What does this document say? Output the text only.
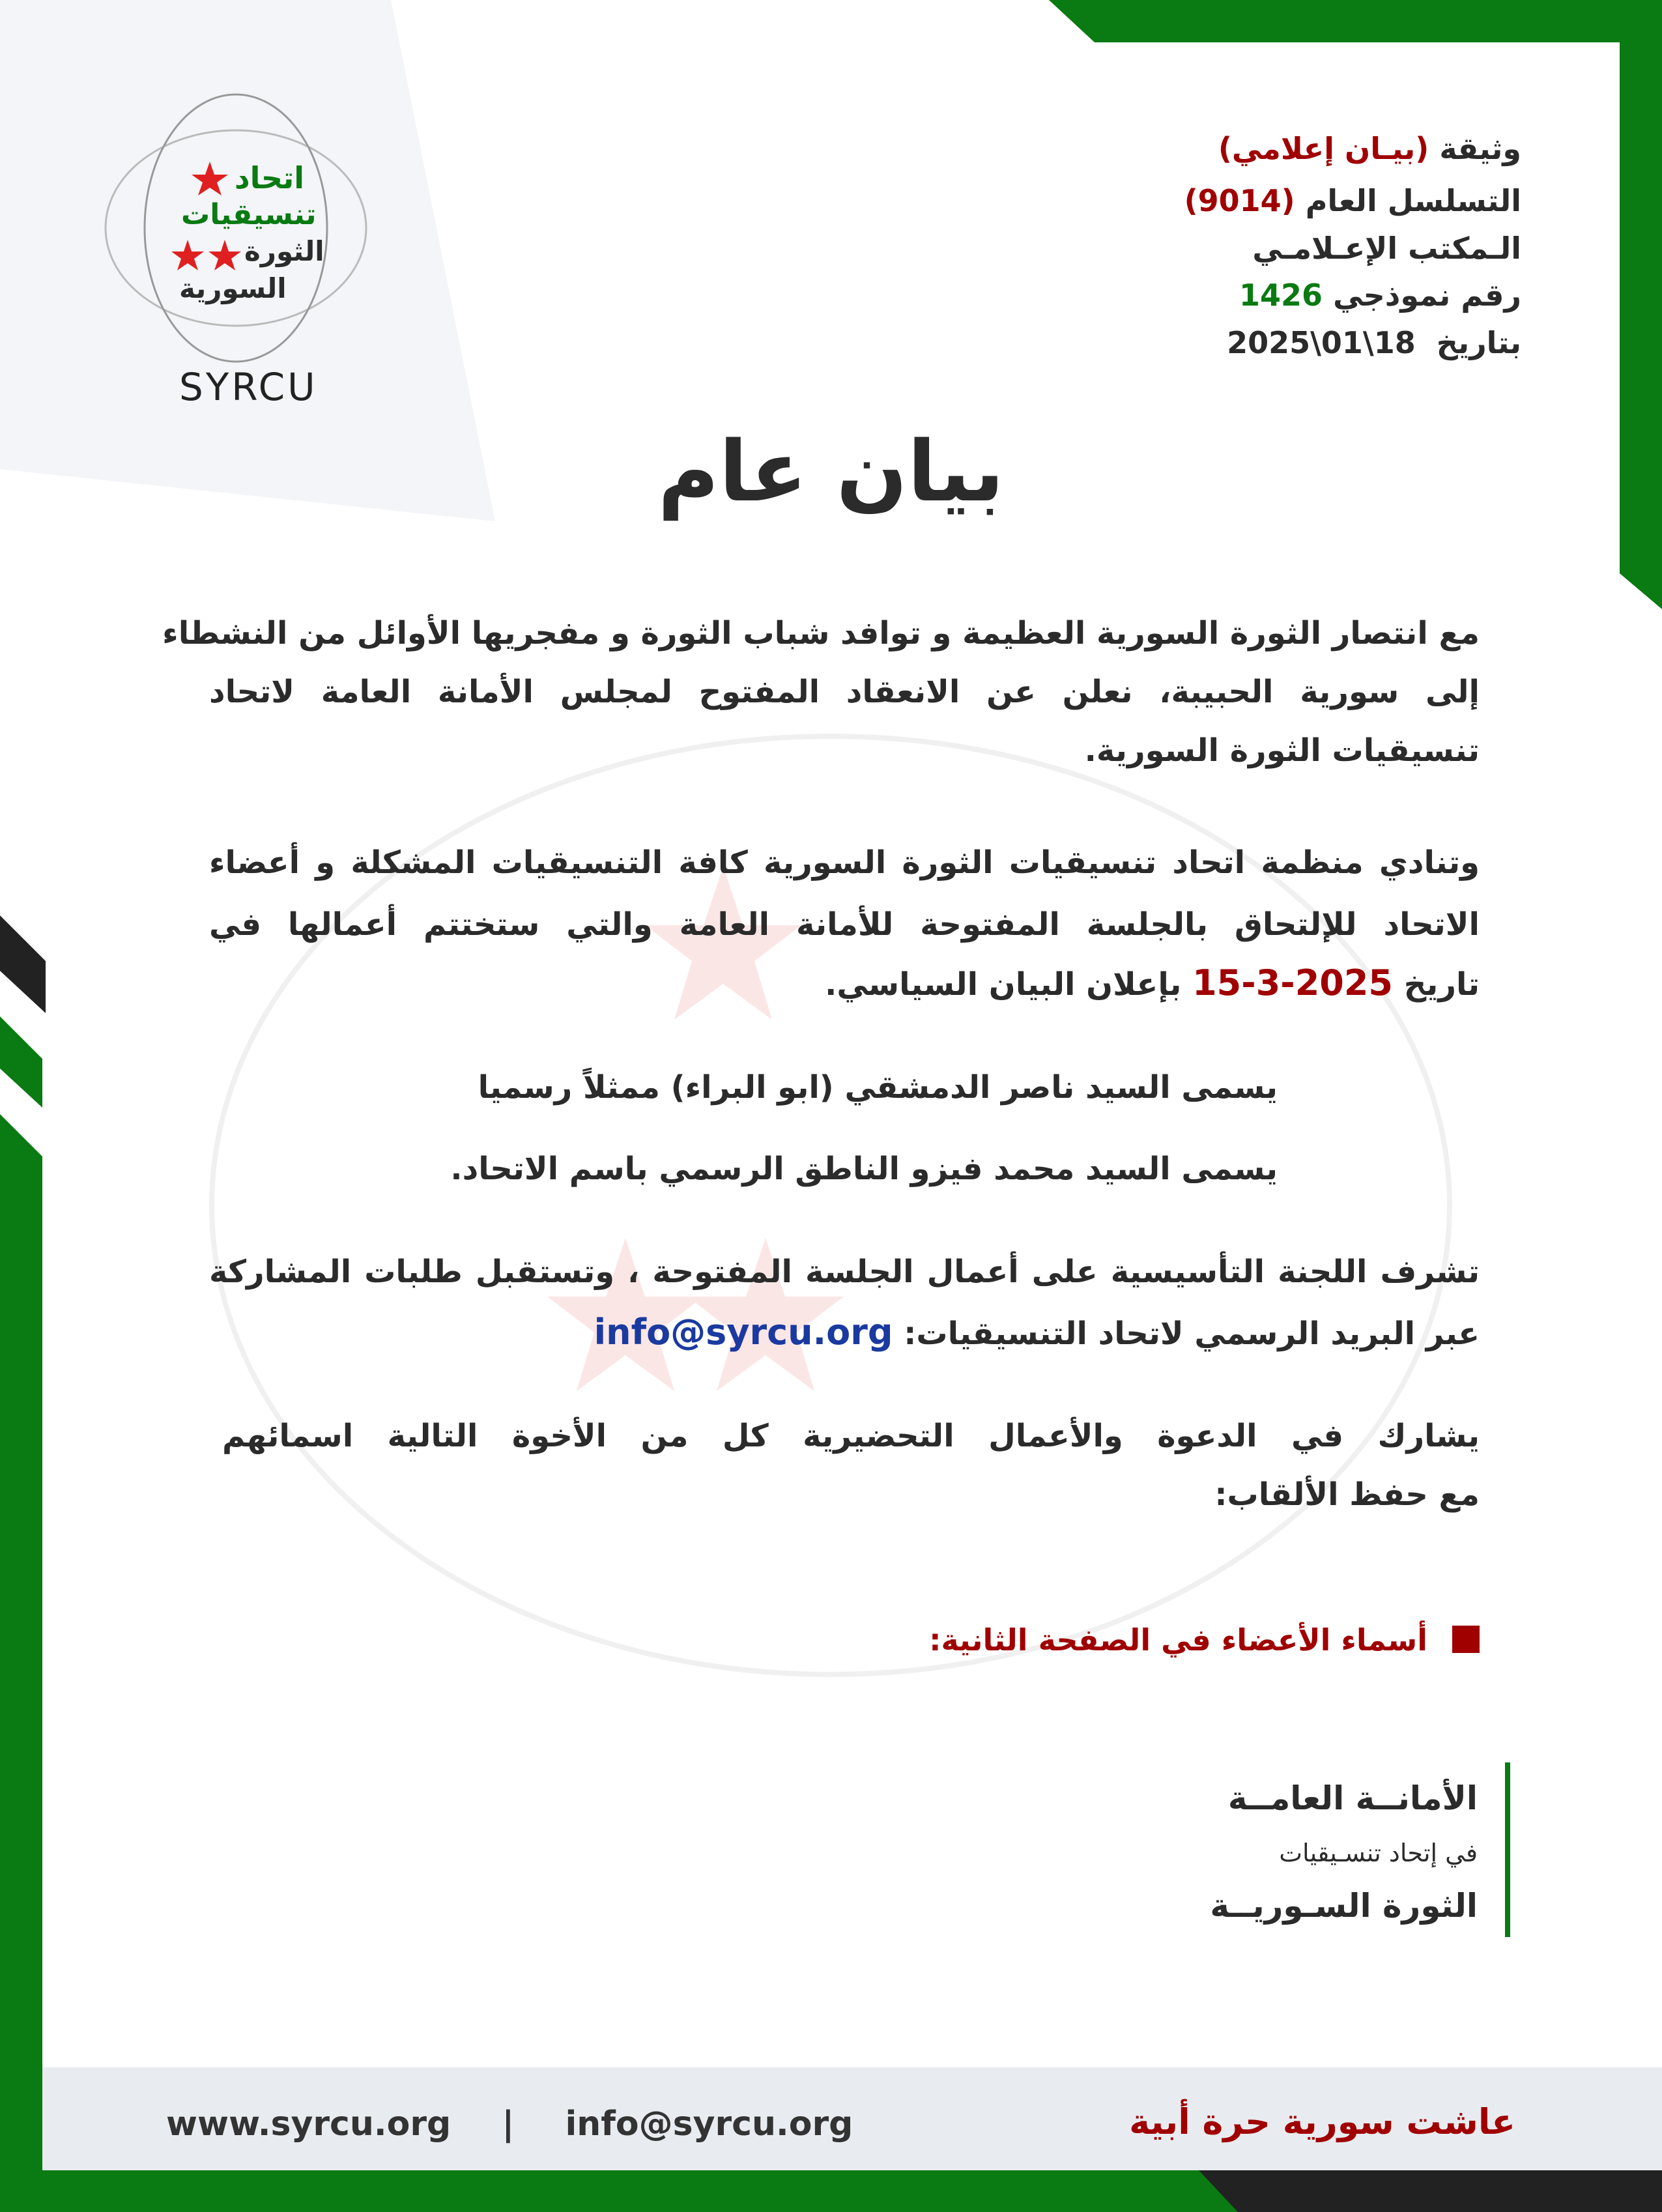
اتحاد
تنسيقيات
الثورة
السورية
SYRCU
وثيقة (بيـان إعلامي)
التسلسل العام (9014)
الـمكتب الإعـلامـي
رقم نموذجي 1426
بتاريخ  2025\01\18
بيان عام
مع انتصار الثورة السورية العظيمة و توافد شباب الثورة و مفجريها الأوائل من النشطاء
إلى سورية الحبيبة، نعلن عن الانعقاد المفتوح لمجلس الأمانة العامة لاتحاد
تنسيقيات الثورة السورية.
وتنادي منظمة اتحاد تنسيقيات الثورة السورية كافة التنسيقيات المشكلة و أعضاء
الاتحاد للإلتحاق بالجلسة المفتوحة للأمانة العامة والتي ستختتم أعمالها في
تاريخ 2025-3-15 بإعلان البيان السياسي.
يسمى السيد ناصر الدمشقي (ابو البراء) ممثلاً رسميا
يسمى السيد محمد فيزو الناطق الرسمي باسم الاتحاد.
تشرف اللجنة التأسيسية على أعمال الجلسة المفتوحة ، وتستقبل طلبات المشاركة
عبر البريد الرسمي لاتحاد التنسيقيات: info@syrcu.org
يشارك في الدعوة والأعمال التحضيرية كل من الأخوة التالية اسمائهم
مع حفظ الألقاب:
أسماء الأعضاء في الصفحة الثانية:
الأمانــة العامــة
في إتحاد تنسـيقيات
الثورة السـوريــة
www.syrcu.org | info@syrcu.org	عاشت سورية حرة أبية
